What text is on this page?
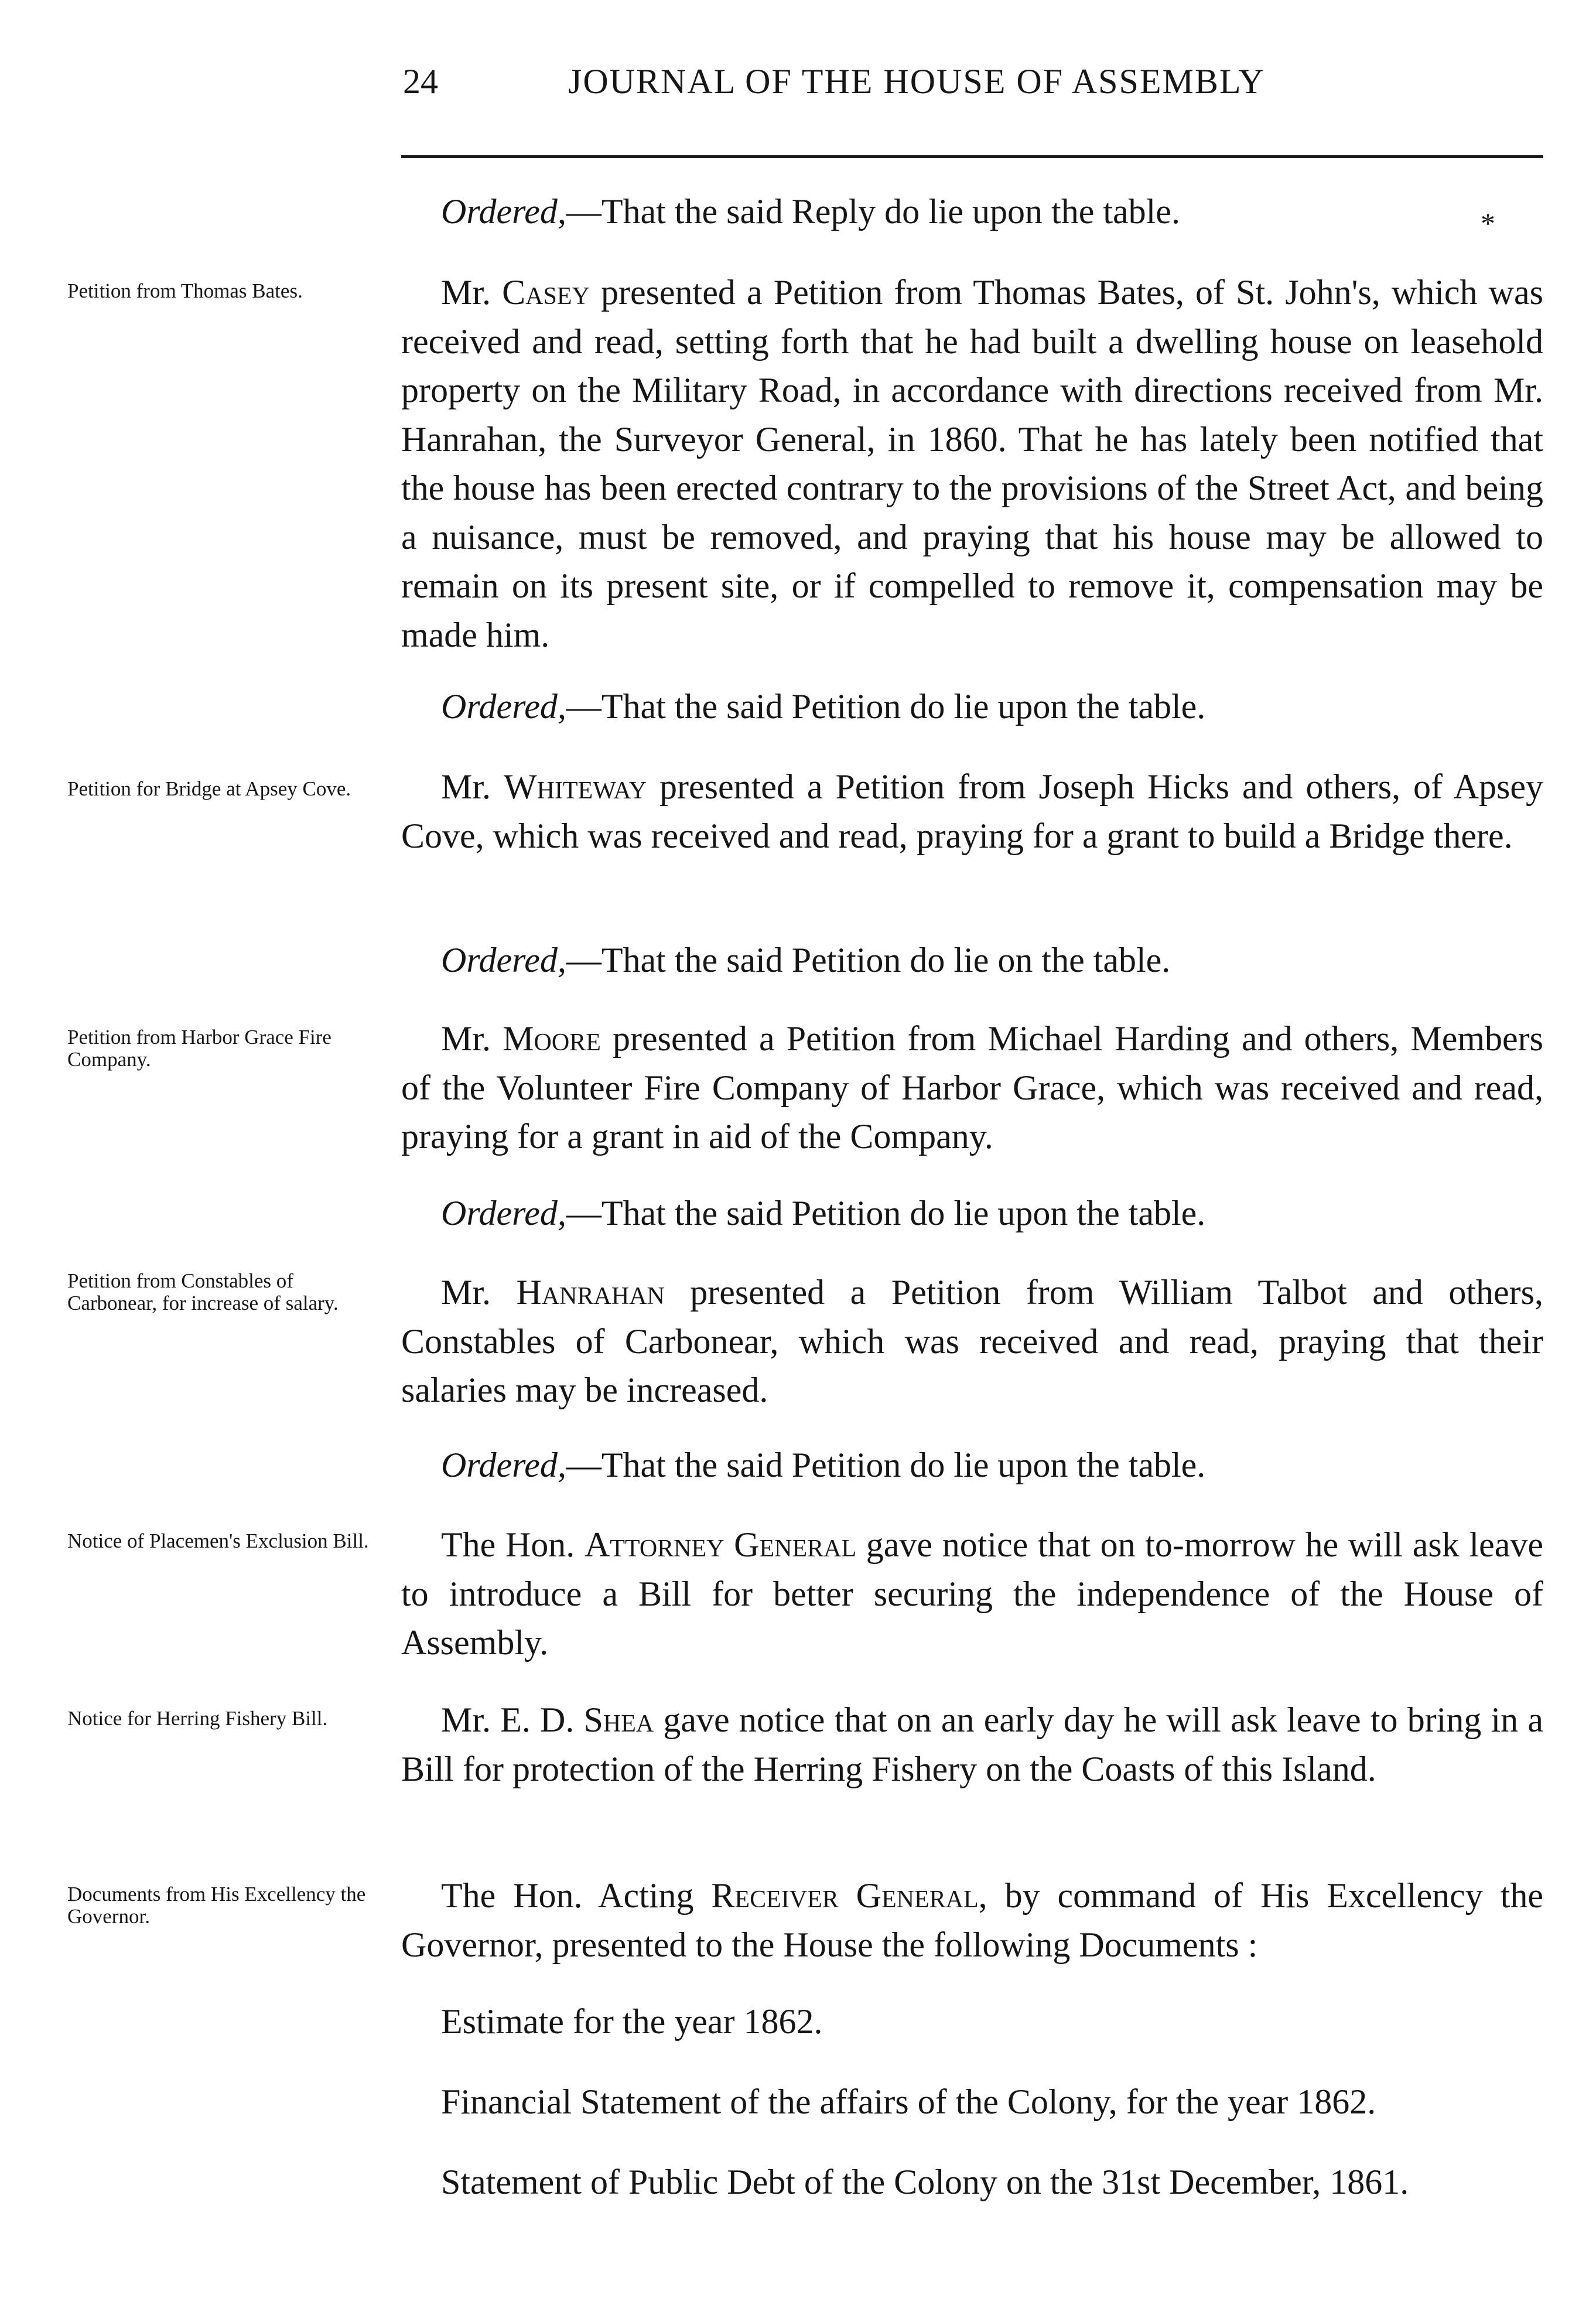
24	JOURNAL OF THE HOUSE OF ASSEMBLY

Ordered,—That the said Reply do lie upon the table.	*

Petition from Thomas Bates.	Mr. Casey presented a Petition from Thomas Bates, of St. John's, which was received and read, setting forth that he had built a dwelling house on leasehold property on the Military Road, in accordance with directions received from Mr. Hanrahan, the Surveyor General, in 1860. That he has lately been notified that the house has been erected contrary to the provisions of the Street Act, and being a nuisance, must be removed, and praying that his house may be allowed to remain on its present site, or if compelled to remove it, compensation may be made him.

Ordered,—That the said Petition do lie upon the table.

Petition for Bridge at Apsey Cove.	Mr. Whiteway presented a Petition from Joseph Hicks and others, of Apsey Cove, which was received and read, praying for a grant to build a Bridge there.

Ordered,—That the said Petition do lie on the table.

Petition from Harbor Grace Fire Company.

Mr. Moore presented a Petition from Michael Harding and others, Members of the Volunteer Fire Company of Harbor Grace, which was received and read, praying for a grant in aid of the Company.

Ordered,—That the said Petition do lie upon the table.

Petition from Constables of Carbonear, for increase of salary.	Mr. Hanrahan presented a Petition from William Talbot and others, Constables of Carbonear, which was received and read, praying that their salaries may be increased.

Ordered,—That the said Petition do lie upon the table.

Notice of Placemen's Exclusion Bill.	The Hon. Attorney General gave notice that on to-morrow he will ask leave to introduce a Bill for better securing the independence of the House of Assembly.

Notice for Herring Fishery Bill.	Mr. E. D. Shea gave notice that on an early day he will ask leave to bring in a Bill for protection of the Herring Fishery on the Coasts of this Island.

Documents from His Excellency the Governor.

The Hon. Acting Receiver General, by command of His Excellency the Governor, presented to the House the following Documents :

Estimate for the year 1862.

Financial Statement of the affairs of the Colony, for the year 1862.

Statement of Public Debt of the Colony on the 31st December, 1861.
